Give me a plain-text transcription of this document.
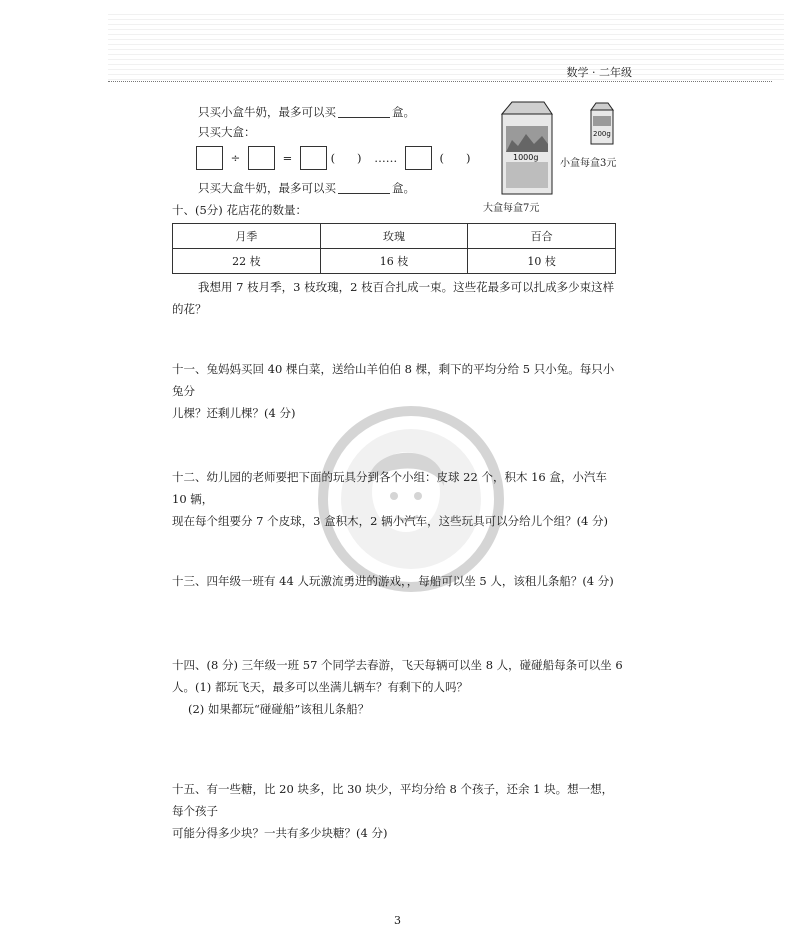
数学 · 二年级
只买小盒牛奶，最多可以买	盒。
只买大盒：
÷	=	( ) ……	( )
只买大盒牛奶，最多可以买	盒。
1000g
200g
小盒每盒3元
大盒每盒7元
十、(5分) 花店花的数量：
月季	玫瑰	百合
22 枝	16 枝	10 枝
我想用 7 枝月季，3 枝玫瑰，2 枝百合扎成一束。这些花最多可以扎成多少束这样
的花？
十一、兔妈妈买回 40 棵白菜，送给山羊伯伯 8 棵，剩下的平均分给 5 只小兔。每只小兔分
儿棵？还剩儿棵？(4 分)
十二、幼儿园的老师要把下面的玩具分到各个小组：皮球 22 个，积木 16 盒，小汽车 10 辆，
现在每个组要分 7 个皮球，3 盒积木，2 辆小汽车，这些玩具可以分给儿个组？(4 分)
十三、四年级一班有 44 人玩激流勇进的游戏，，每船可以坐 5 人，该租儿条船？(4 分)
十四、(8 分) 三年级一班 57 个同学去春游，飞天每辆可以坐 8 人，碰碰船每条可以坐 6
人。(1) 都玩飞天，最多可以坐满儿辆车？有剩下的人吗？
(2) 如果都玩“碰碰船”该租儿条船？
十五、有一些糖，比 20 块多，比 30 块少，平均分给 8 个孩子，还余 1 块。想一想，每个孩子
可能分得多少块？一共有多少块糖？(4 分)
3
